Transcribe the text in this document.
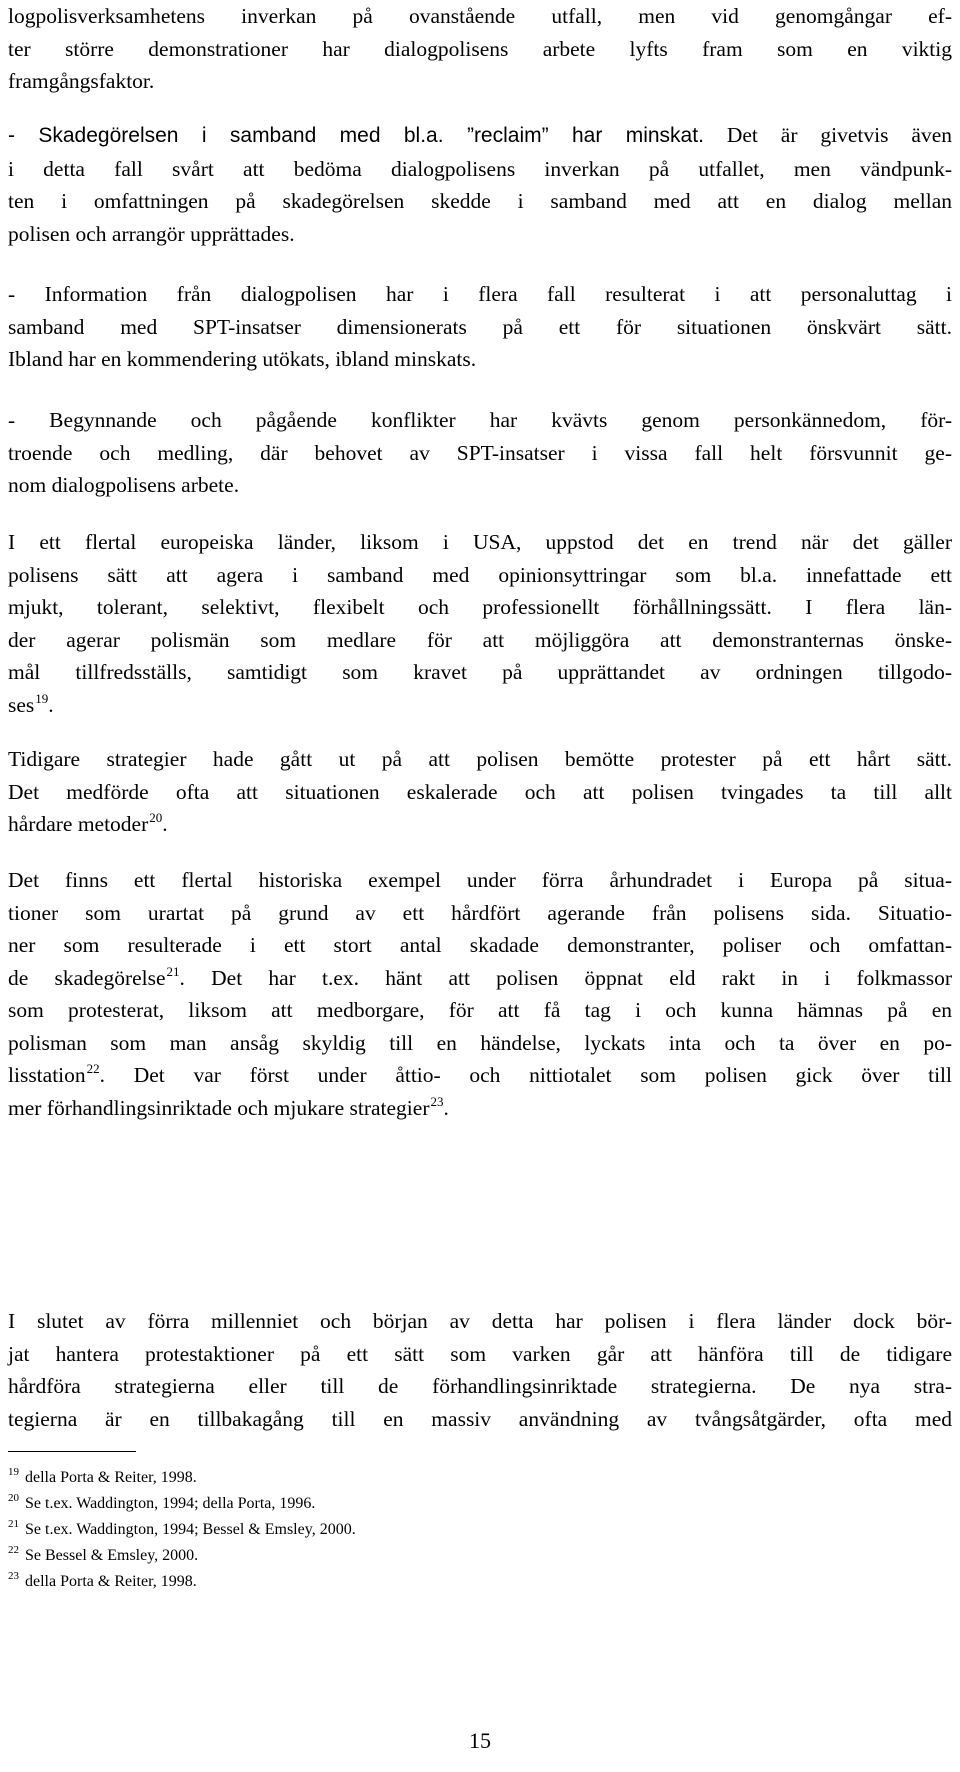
logpolisverksamhetens inverkan på ovanstående utfall, men vid genomgångar ef-
ter större demonstrationer har dialogpolisens arbete lyfts fram som en viktig
framgångsfaktor.
- Skadegörelsen i samband med bl.a. ”reclaim” har minskat. Det är givetvis även
i detta fall svårt att bedöma dialogpolisens inverkan på utfallet, men vändpunk-
ten i omfattningen på skadegörelsen skedde i samband med att en dialog mellan
polisen och arrangör upprättades.
- Information från dialogpolisen har i flera fall resulterat i att personaluttag i
samband med SPT-insatser dimensionerats på ett för situationen önskvärt sätt.
Ibland har en kommendering utökats, ibland minskats.
- Begynnande och pågående konflikter har kvävts genom personkännedom, för-
troende och medling, där behovet av SPT-insatser i vissa fall helt försvunnit ge-
nom dialogpolisens arbete.
I ett flertal europeiska länder, liksom i USA, uppstod det en trend när det gäller
polisens sätt att agera i samband med opinionsyttringar som bl.a. innefattade ett
mjukt, tolerant, selektivt, flexibelt och professionellt förhållningssätt. I flera län-
der agerar polismän som medlare för att möjliggöra att demonstranternas önske-
mål tillfredsställs, samtidigt som kravet på upprättandet av ordningen tillgodo-
ses$^{19}$.
Tidigare strategier hade gått ut på att polisen bemötte protester på ett hårt sätt.
Det medförde ofta att situationen eskalerade och att polisen tvingades ta till allt
hårdare metoder$^{20}$.
Det finns ett flertal historiska exempel under förra århundradet i Europa på situa-
tioner som urartat på grund av ett hårdfört agerande från polisens sida. Situatio-
ner som resulterade i ett stort antal skadade demonstranter, poliser och omfattan-
de skadegörelse$^{21}$. Det har t.ex. hänt att polisen öppnat eld rakt in i folkmassor
som protesterat, liksom att medborgare, för att få tag i och kunna hämnas på en
polisman som man ansåg skyldig till en händelse, lyckats inta och ta över en po-
lisstation$^{22}$. Det var först under åttio- och nittiotalet som polisen gick över till
mer förhandlingsinriktade och mjukare strategier$^{23}$.
I slutet av förra millenniet och början av detta har polisen i flera länder dock bör-
jat hantera protestaktioner på ett sätt som varken går att hänföra till de tidigare
hårdföra strategierna eller till de förhandlingsinriktade strategierna. De nya stra-
tegierna är en tillbakagång till en massiv användning av tvångsåtgärder, ofta med
$^{19}$ della Porta & Reiter, 1998.
$^{20}$ Se t.ex. Waddington, 1994; della Porta, 1996.
$^{21}$ Se t.ex. Waddington, 1994; Bessel & Emsley, 2000.
$^{22}$ Se Bessel & Emsley, 2000.
$^{23}$ della Porta & Reiter, 1998.
15
